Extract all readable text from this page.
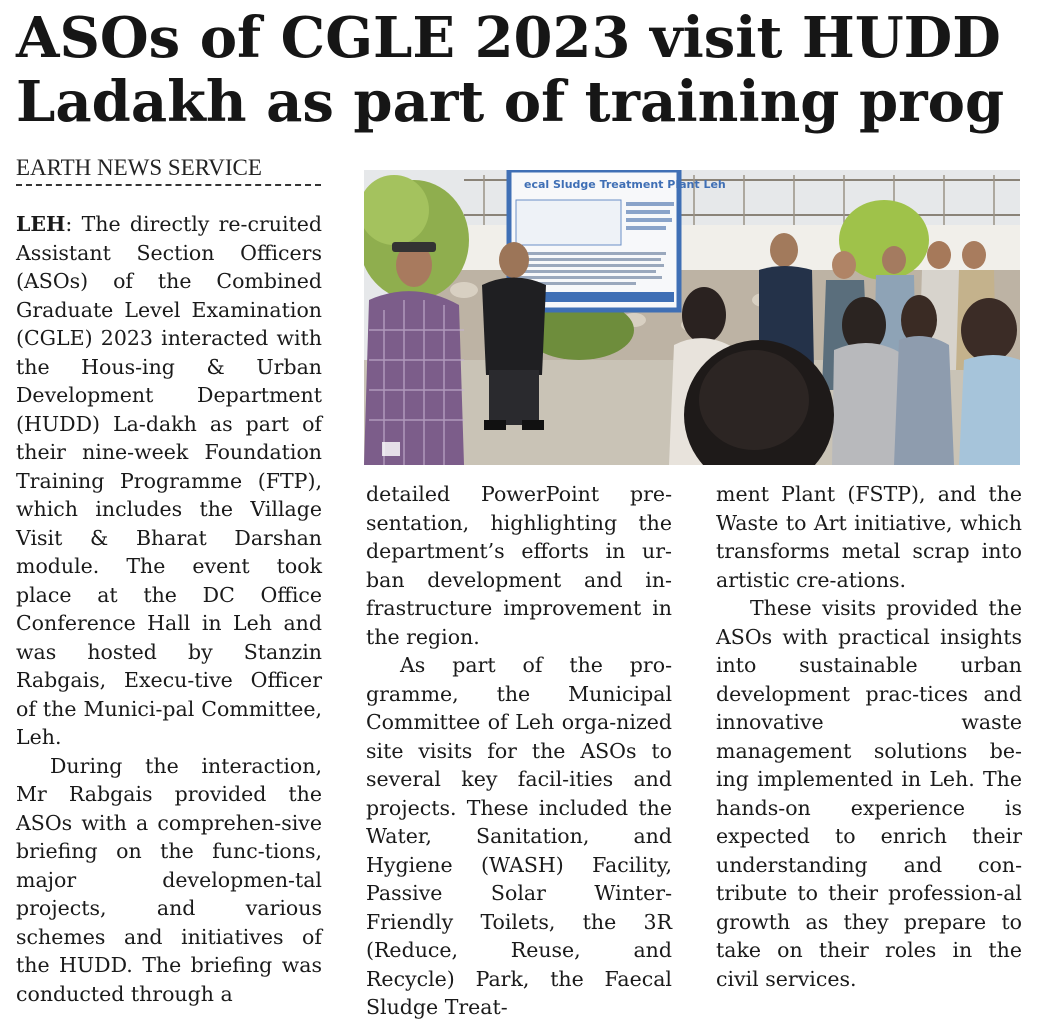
ASOs of CGLE 2023 visit HUDD Ladakh as part of training prog
EARTH NEWS SERVICE

LEH: The directly re-cruited Assistant Section Officers (ASOs) of the Combined Graduate Level Examination (CGLE) 2023 interacted with the Hous-ing & Urban Development Department (HUDD) La-dakh as part of their nine-week Foundation Training Programme (FTP), which includes the Village Visit & Bharat Darshan module. The event took place at the DC Office Conference Hall in Leh and was hosted by Stanzin Rabgais, Execu-tive Officer of the Munici-pal Committee, Leh.

During the interaction, Mr Rabgais provided the ASOs with a comprehen-sive briefing on the func-tions, major developmen-tal projects, and various schemes and initiatives of the HUDD. The briefing was conducted through a

ecal Sludge Treatment Plant Leh

detailed PowerPoint pre-sentation, highlighting the department’s efforts in ur-ban development and in-frastructure improvement in the region.

As part of the pro-gramme, the Municipal Committee of Leh orga-nized site visits for the ASOs to several key facil-ities and projects. These included the Water, Sanitation, and Hygiene (WASH) Facility, Passive Solar Winter-Friendly Toilets, the 3R (Reduce, Reuse, and Recycle) Park, the Faecal Sludge Treat-

ment Plant (FSTP), and the Waste to Art initiative, which transforms metal scrap into artistic cre-ations.

These visits provided the ASOs with practical insights into sustainable urban development prac-tices and innovative waste management solutions be-ing implemented in Leh. The hands-on experience is expected to enrich their understanding and con-tribute to their profession-al growth as they prepare to take on their roles in the civil services.
